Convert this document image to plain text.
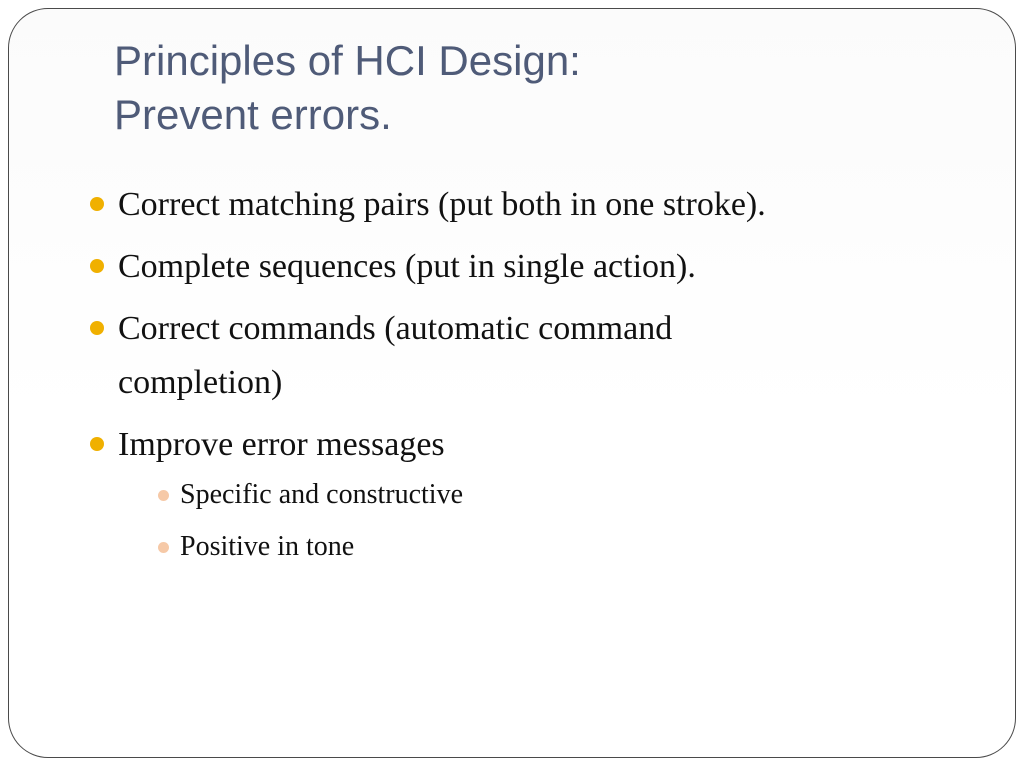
Principles of HCI Design:
Prevent errors.
Correct matching pairs (put both in one stroke).
Complete sequences (put in single action).
Correct commands (automatic command completion)
Improve error messages
Specific and constructive
Positive in tone
